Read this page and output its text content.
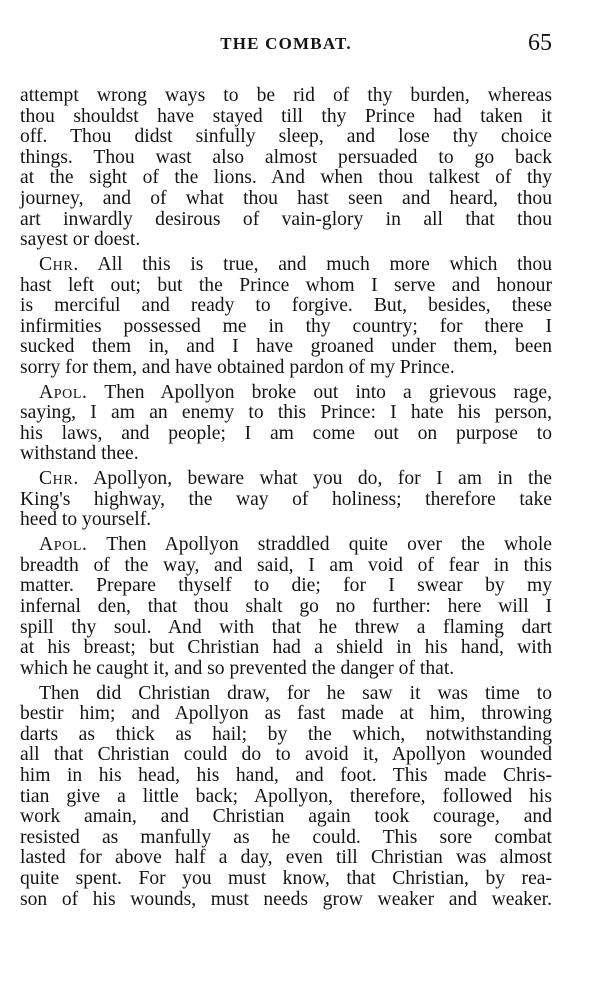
THE COMBAT.	65
attempt wrong ways to be rid of thy burden, whereas
thou shouldst have stayed till thy Prince had taken it
off. Thou didst sinfully sleep, and lose thy choice
things. Thou wast also almost persuaded to go back
at the sight of the lions. And when thou talkest of thy
journey, and of what thou hast seen and heard, thou
art inwardly desirous of vain-glory in all that thou
sayest or doest.
Chr. All this is true, and much more which thou
hast left out; but the Prince whom I serve and honour
is merciful and ready to forgive. But, besides, these
infirmities possessed me in thy country; for there I
sucked them in, and I have groaned under them, been
sorry for them, and have obtained pardon of my Prince.
Apol. Then Apollyon broke out into a grievous rage,
saying, I am an enemy to this Prince: I hate his person,
his laws, and people; I am come out on purpose to
withstand thee.
Chr. Apollyon, beware what you do, for I am in the
King's highway, the way of holiness; therefore take
heed to yourself.
Apol. Then Apollyon straddled quite over the whole
breadth of the way, and said, I am void of fear in this
matter. Prepare thyself to die; for I swear by my
infernal den, that thou shalt go no further: here will I
spill thy soul. And with that he threw a flaming dart
at his breast; but Christian had a shield in his hand, with
which he caught it, and so prevented the danger of that.
Then did Christian draw, for he saw it was time to
bestir him; and Apollyon as fast made at him, throwing
darts as thick as hail; by the which, notwithstanding
all that Christian could do to avoid it, Apollyon wounded
him in his head, his hand, and foot. This made Chris-
tian give a little back; Apollyon, therefore, followed his
work amain, and Christian again took courage, and
resisted as manfully as he could. This sore combat
lasted for above half a day, even till Christian was almost
quite spent. For you must know, that Christian, by rea-
son of his wounds, must needs grow weaker and weaker.
